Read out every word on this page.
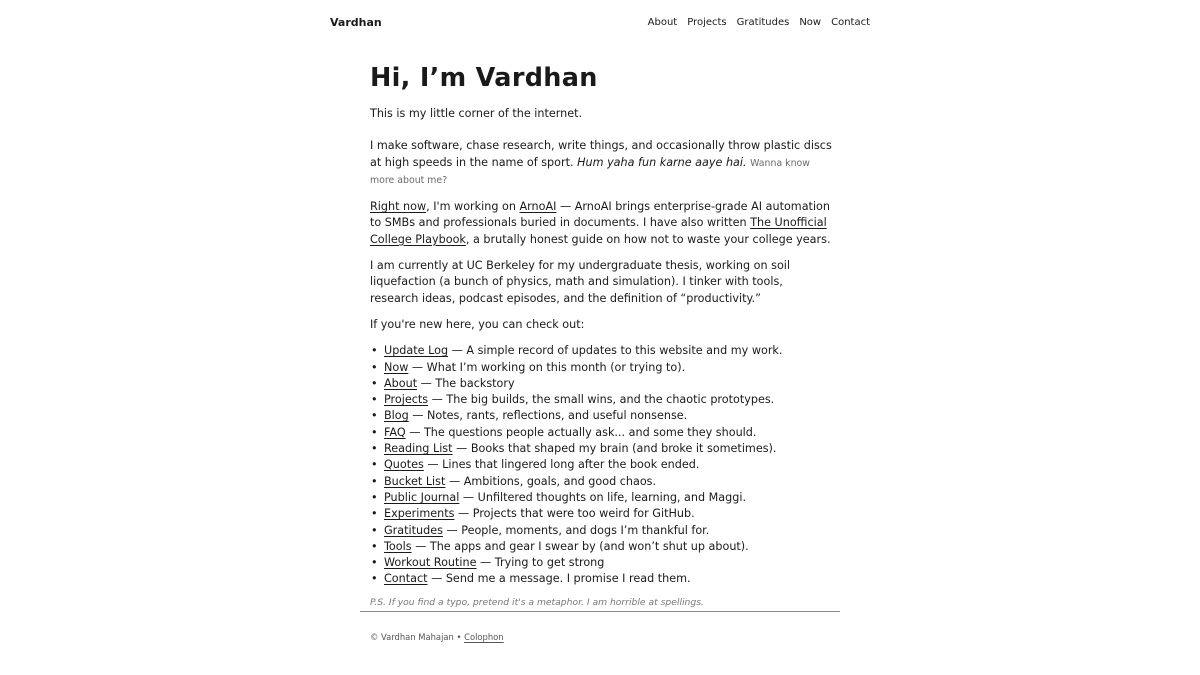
Vardhan	About Projects Gratitudes Now Contact
Hi, I’m Vardhan

This is my little corner of the internet.

I make software, chase research, write things, and occasionally throw plastic discs at high speeds in the name of sport. Hum yaha fun karne aaye hai. Wanna know more about me?

Right now, I'm working on ArnoAI — ArnoAI brings enterprise-grade AI automation to SMBs and professionals buried in documents. I have also written The Unofficial College Playbook, a brutally honest guide on how not to waste your college years.

I am currently at UC Berkeley for my undergraduate thesis, working on soil liquefaction (a bunch of physics, math and simulation). I tinker with tools, research ideas, podcast episodes, and the definition of “productivity.”

If you're new here, you can check out:

• Update Log — A simple record of updates to this website and my work.
• Now — What I’m working on this month (or trying to).
• About — The backstory
• Projects — The big builds, the small wins, and the chaotic prototypes.
• Blog — Notes, rants, reflections, and useful nonsense.
• FAQ — The questions people actually ask... and some they should.
• Reading List — Books that shaped my brain (and broke it sometimes).
• Quotes — Lines that lingered long after the book ended.
• Bucket List — Ambitions, goals, and good chaos.
• Public Journal — Unfiltered thoughts on life, learning, and Maggi.
• Experiments — Projects that were too weird for GitHub.
• Gratitudes — People, moments, and dogs I’m thankful for.
• Tools — The apps and gear I swear by (and won’t shut up about).
• Workout Routine — Trying to get strong
• Contact — Send me a message. I promise I read them.

P.S. If you find a typo, pretend it's a metaphor. I am horrible at spellings.

© Vardhan Mahajan • Colophon
